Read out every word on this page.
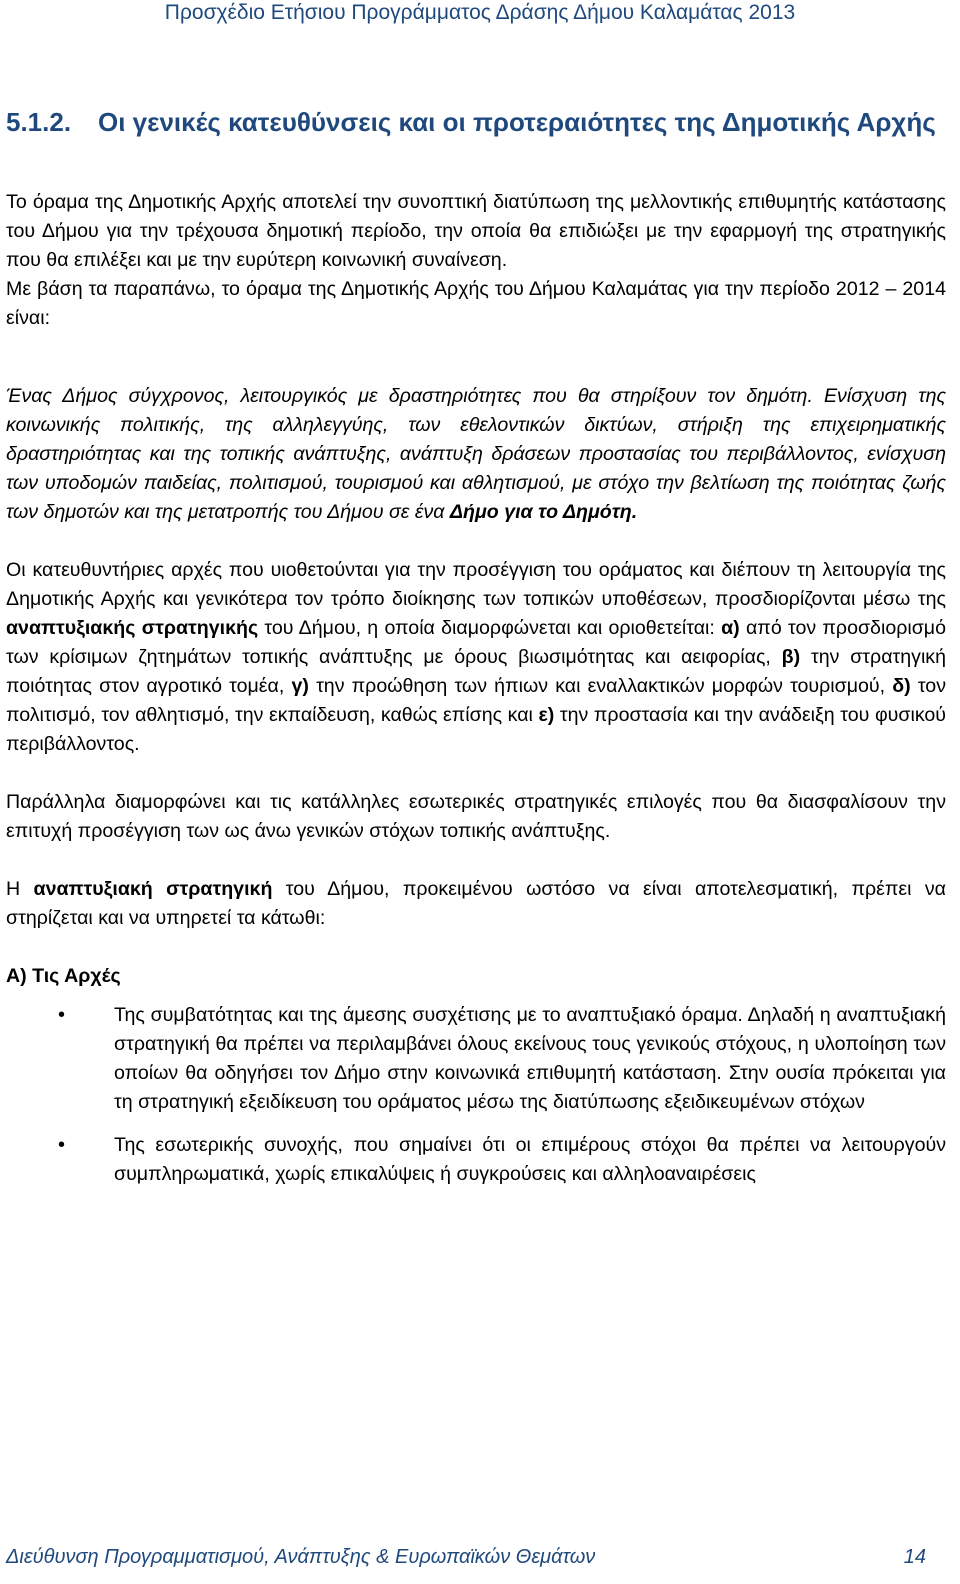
Προσχέδιο Ετήσιου Προγράμματος Δράσης Δήμου Καλαμάτας 2013
5.1.2.	Οι γενικές κατευθύνσεις και οι προτεραιότητες της Δημοτικής Αρχής

Το όραμα της Δημοτικής Αρχής αποτελεί την συνοπτική διατύπωση της μελλοντικής επιθυμητής κατάστασης του Δήμου για την τρέχουσα δημοτική περίοδο, την οποία θα επιδιώξει με την εφαρμογή της στρατηγικής που θα επιλέξει και με την ευρύτερη κοινωνική συναίνεση.

Με βάση τα παραπάνω, το όραμα της Δημοτικής Αρχής του Δήμου Καλαμάτας για την περίοδο 2012 – 2014 είναι:

Ένας Δήμος σύγχρονος, λειτουργικός με δραστηριότητες που θα στηρίξουν τον δημότη. Ενίσχυση της κοινωνικής πολιτικής, της αλληλεγγύης, των εθελοντικών δικτύων, στήριξη της επιχειρηματικής δραστηριότητας και της τοπικής ανάπτυξης, ανάπτυξη δράσεων προστασίας του περιβάλλοντος, ενίσχυση των υποδομών παιδείας, πολιτισμού, τουρισμού και αθλητισμού, με στόχο την βελτίωση της ποιότητας ζωής των δημοτών και της μετατροπής του Δήμου σε ένα Δήμο για το Δημότη.

Οι κατευθυντήριες αρχές που υιοθετούνται για την προσέγγιση του οράματος και διέπουν τη λειτουργία της Δημοτικής Αρχής και γενικότερα τον τρόπο διοίκησης των τοπικών υποθέσεων, προσδιορίζονται μέσω της αναπτυξιακής στρατηγικής του Δήμου, η οποία διαμορφώνεται και οριοθετείται: α) από τον προσδιορισμό των κρίσιμων ζητημάτων τοπικής ανάπτυξης με όρους βιωσιμότητας και αειφορίας, β) την στρατηγική ποιότητας στον αγροτικό τομέα, γ) την προώθηση των ήπιων και εναλλακτικών μορφών τουρισμού, δ) τον πολιτισμό, τον αθλητισμό, την εκπαίδευση, καθώς επίσης και ε) την προστασία και την ανάδειξη του φυσικού περιβάλλοντος.

Παράλληλα διαμορφώνει και τις κατάλληλες εσωτερικές στρατηγικές επιλογές που θα διασφαλίσουν την επιτυχή προσέγγιση των ως άνω γενικών στόχων τοπικής ανάπτυξης.

Η αναπτυξιακή στρατηγική του Δήμου, προκειμένου ωστόσο να είναι αποτελεσματική, πρέπει να στηρίζεται και να υπηρετεί τα κάτωθι:

Α) Τις Αρχές
•	Της συμβατότητας και της άμεσης συσχέτισης με το αναπτυξιακό όραμα. Δηλαδή η αναπτυξιακή στρατηγική θα πρέπει να περιλαμβάνει όλους εκείνους τους γενικούς στόχους, η υλοποίηση των οποίων θα οδηγήσει τον Δήμο στην κοινωνικά επιθυμητή κατάσταση. Στην ουσία πρόκειται για τη στρατηγική εξειδίκευση του οράματος μέσω της διατύπωσης εξειδικευμένων στόχων
•	Της εσωτερικής συνοχής, που σημαίνει ότι οι επιμέρους στόχοι θα πρέπει να λειτουργούν συμπληρωματικά, χωρίς επικαλύψεις ή συγκρούσεις και αλληλοαναιρέσεις
Διεύθυνση Προγραμματισμού, Ανάπτυξης & Ευρωπαϊκών Θεμάτων	14
